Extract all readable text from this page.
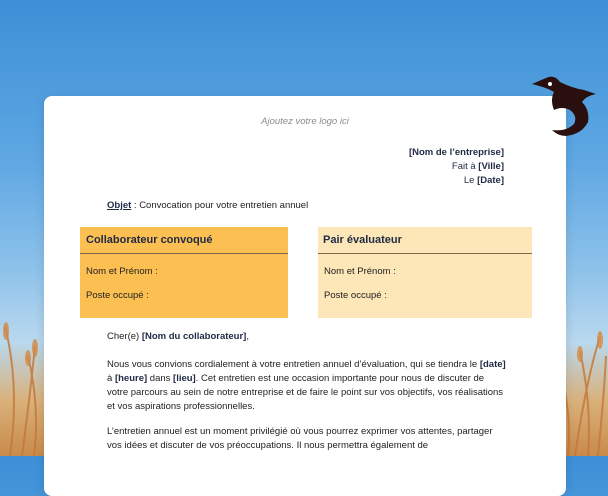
Ajoutez votre logo ici
[Nom de l’entreprise]
Fait à [Ville]
Le [Date]
Objet : Convocation pour votre entretien annuel
Collaborateur convoqué
Nom et Prénom :
Poste occupé :
Pair évaluateur
Nom et Prénom :
Poste occupé :
Cher(e) [Nom du collaborateur],
Nous vous convions cordialement à votre entretien annuel d’évaluation, qui se tiendra le [date] à [heure] dans [lieu]. Cet entretien est une occasion importante pour nous de discuter de votre parcours au sein de notre entreprise et de faire le point sur vos objectifs, vos réalisations et vos aspirations professionnelles.
L’entretien annuel est un moment privilégié où vous pourrez exprimer vos attentes, partager vos idées et discuter de vos préoccupations. Il nous permettra également de
